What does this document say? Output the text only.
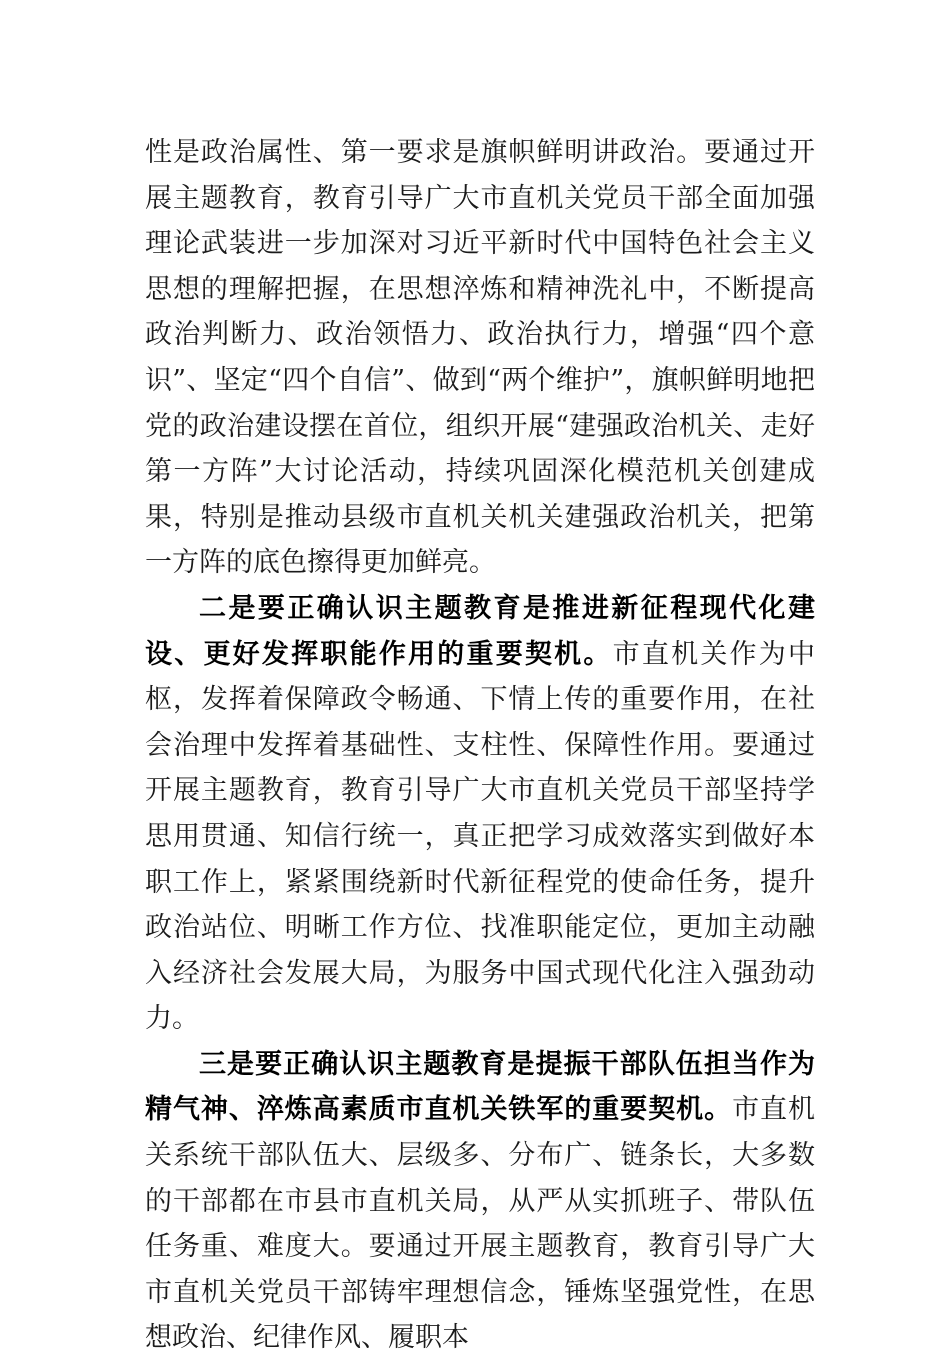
性是政治属性、第一要求是旗帜鲜明讲政治。要通过开展主题教育，教育引导广大市直机关党员干部全面加强理论武装进一步加深对习近平新时代中国特色社会主义思想的理解把握，在思想淬炼和精神洗礼中，不断提高政治判断力、政治领悟力、政治执行力，增强“四个意识”、坚定“四个自信”、做到“两个维护”，旗帜鲜明地把党的政治建设摆在首位，组织开展“建强政治机关、走好第一方阵”大讨论活动，持续巩固深化模范机关创建成果，特别是推动县级市直机关机关建强政治机关，把第一方阵的底色擦得更加鲜亮。

二是要正确认识主题教育是推进新征程现代化建设、更好发挥职能作用的重要契机。市直机关作为中枢，发挥着保障政令畅通、下情上传的重要作用，在社会治理中发挥着基础性、支柱性、保障性作用。要通过开展主题教育，教育引导广大市直机关党员干部坚持学思用贯通、知信行统一，真正把学习成效落实到做好本职工作上，紧紧围绕新时代新征程党的使命任务，提升政治站位、明晰工作方位、找准职能定位，更加主动融入经济社会发展大局，为服务中国式现代化注入强劲动力。

三是要正确认识主题教育是提振干部队伍担当作为精气神、淬炼高素质市直机关铁军的重要契机。市直机关系统干部队伍大、层级多、分布广、链条长，大多数的干部都在市县市直机关局，从严从实抓班子、带队伍任务重、难度大。要通过开展主题教育，教育引导广大市直机关党员干部铸牢理想信念，锤炼坚强党性，在思想政治、纪律作风、履职本
